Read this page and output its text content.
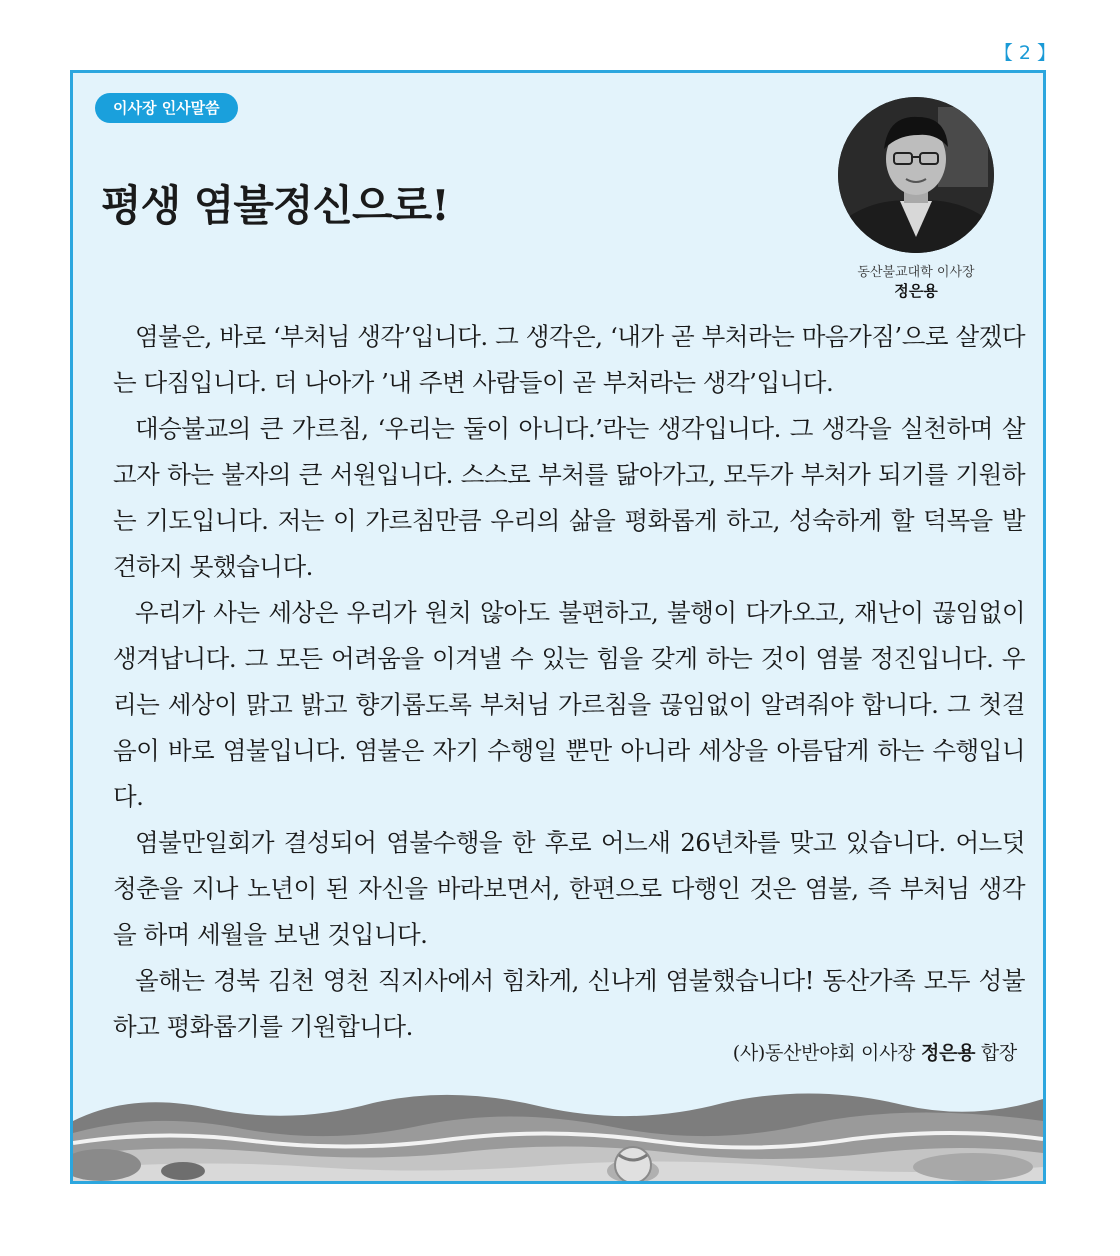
【 2 】
이사장 인사말씀
평생 염불정신으로!
동산불교대학 이사장
정은용

염불은, 바로 ‘부처님 생각’입니다. 그 생각은, ‘내가 곧 부처라는 마음가짐’으로 살겠다는 다짐입니다. 더 나아가 ’내 주변 사람들이 곧 부처라는 생각’입니다.

대승불교의 큰 가르침, ‘우리는 둘이 아니다.’라는 생각입니다. 그 생각을 실천하며 살고자 하는 불자의 큰 서원입니다. 스스로 부처를 닮아가고, 모두가 부처가 되기를 기원하는 기도입니다. 저는 이 가르침만큼 우리의 삶을 평화롭게 하고, 성숙하게 할 덕목을 발견하지 못했습니다.

우리가 사는 세상은 우리가 원치 않아도 불편하고, 불행이 다가오고, 재난이 끊임없이 생겨납니다. 그 모든 어려움을 이겨낼 수 있는 힘을 갖게 하는 것이 염불 정진입니다. 우리는 세상이 맑고 밝고 향기롭도록 부처님 가르침을 끊임없이 알려줘야 합니다. 그 첫걸음이 바로 염불입니다. 염불은 자기 수행일 뿐만 아니라 세상을 아름답게 하는 수행입니다.

염불만일회가 결성되어 염불수행을 한 후로 어느새 26년차를 맞고 있습니다. 어느덧 청춘을 지나 노년이 된 자신을 바라보면서, 한편으로 다행인 것은 염불, 즉 부처님 생각을 하며 세월을 보낸 것입니다.

올해는 경북 김천 영천 직지사에서 힘차게, 신나게 염불했습니다! 동산가족 모두 성불하고 평화롭기를 기원합니다.

(사)동산반야회 이사장 정은용 합장
